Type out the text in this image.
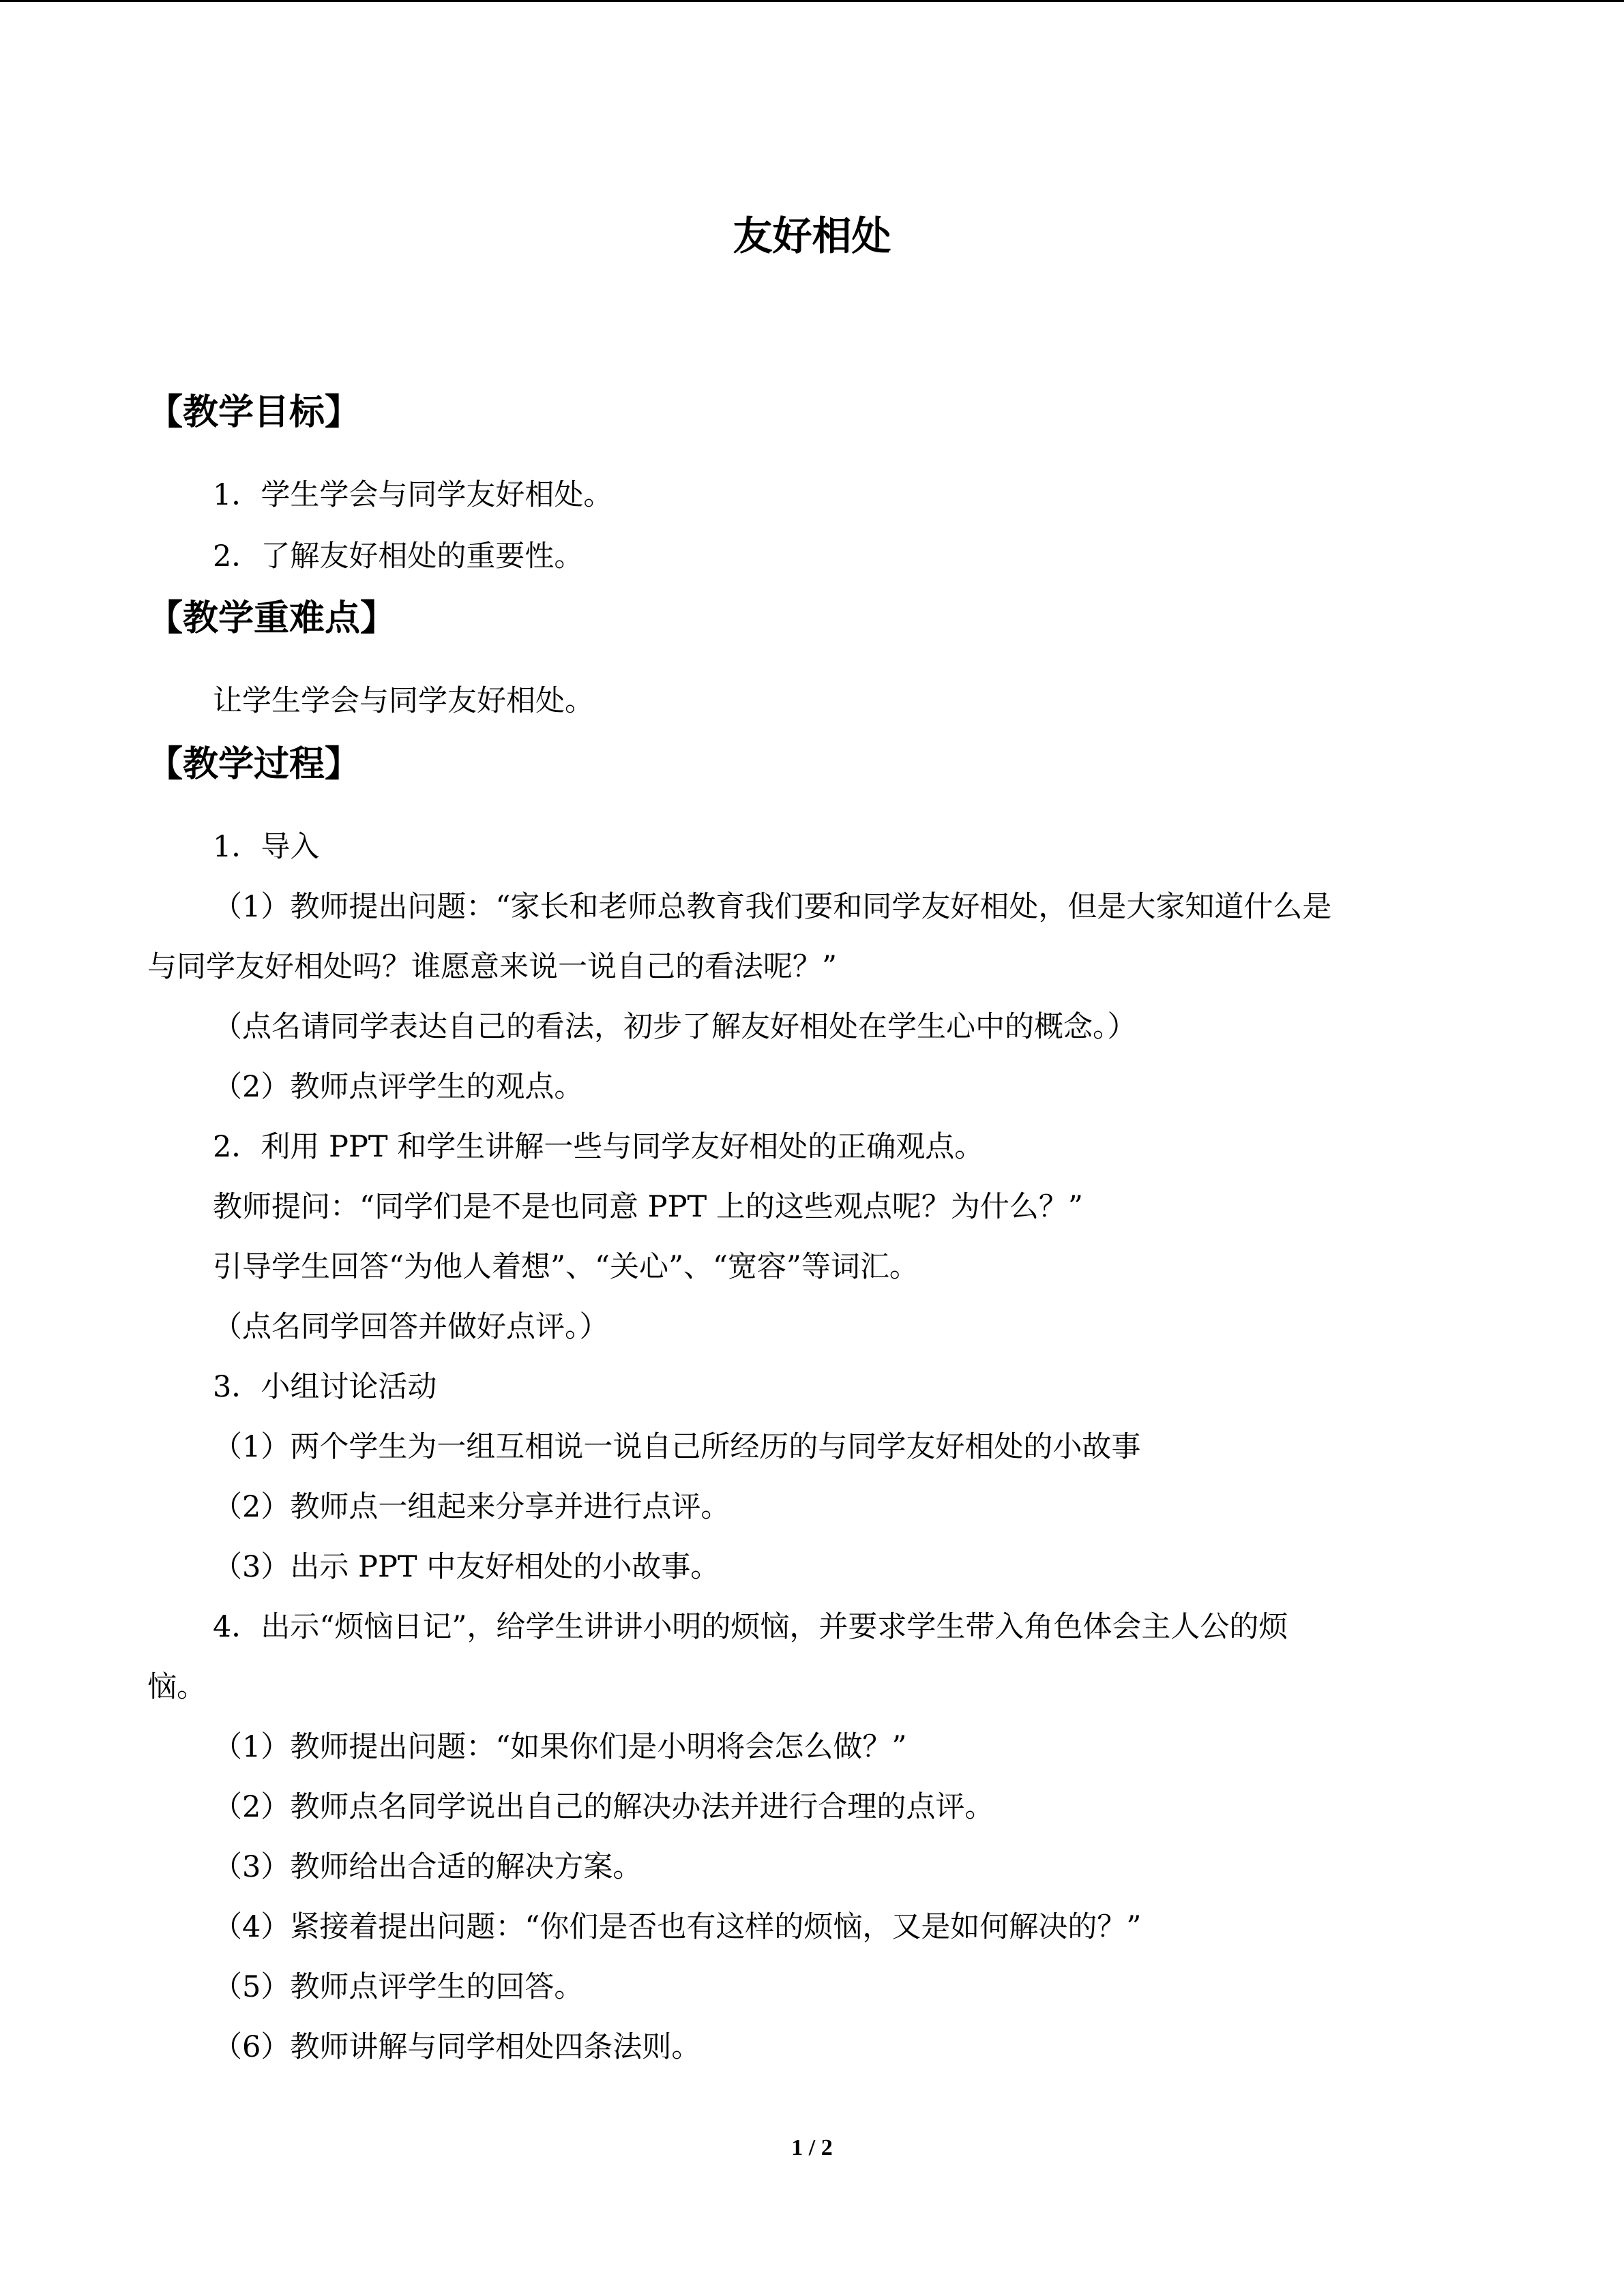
友好相处
【教学目标】

1．学生学会与同学友好相处。

2．了解友好相处的重要性。

【教学重难点】

让学生学会与同学友好相处。

【教学过程】

1．导入

（1）教师提出问题：“家长和老师总教育我们要和同学友好相处，但是大家知道什么是

与同学友好相处吗？谁愿意来说一说自己的看法呢？”

（点名请同学表达自己的看法，初步了解友好相处在学生心中的概念。）

（2）教师点评学生的观点。

2．利用 PPT 和学生讲解一些与同学友好相处的正确观点。

教师提问：“同学们是不是也同意 PPT 上的这些观点呢？为什么？”

引导学生回答“为他人着想”、“关心”、“宽容”等词汇。

（点名同学回答并做好点评。）

3．小组讨论活动

（1）两个学生为一组互相说一说自己所经历的与同学友好相处的小故事

（2）教师点一组起来分享并进行点评。

（3）出示 PPT 中友好相处的小故事。

4．出示“烦恼日记”，给学生讲讲小明的烦恼，并要求学生带入角色体会主人公的烦

恼。

（1）教师提出问题：“如果你们是小明将会怎么做？”

（2）教师点名同学说出自己的解决办法并进行合理的点评。

（3）教师给出合适的解决方案。

（4）紧接着提出问题：“你们是否也有这样的烦恼，又是如何解决的？”

（5）教师点评学生的回答。

（6）教师讲解与同学相处四条法则。

1 / 2
